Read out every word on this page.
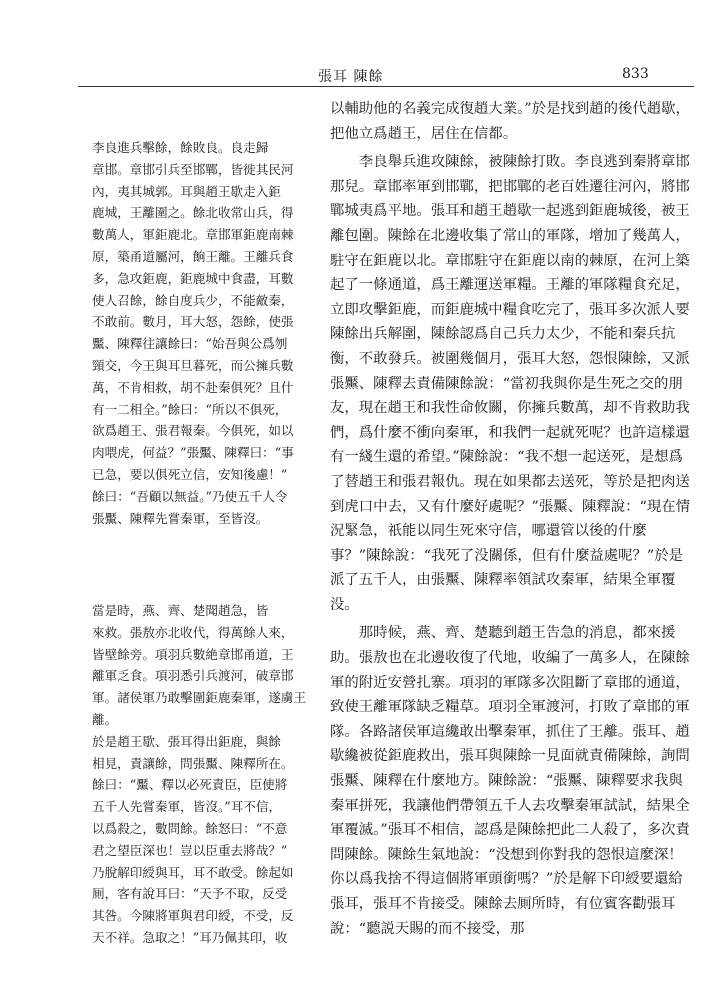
張耳 陳餘	833

李良進兵擊餘，餘敗良。良走歸
章邯。章邯引兵至邯鄲，皆徙其民河
內，夷其城郭。耳與趙王歇走入鉅
鹿城，王離圍之。餘北收常山兵，得
數萬人，軍鉅鹿北。章邯軍鉅鹿南棘
原，築甬道屬河，餉王離。王離兵食
多，急攻鉅鹿，鉅鹿城中食盡，耳數
使人召餘，餘自度兵少，不能敵秦，
不敢前。數月，耳大怒，怨餘，使張
黶、陳釋往讓餘曰：“始吾與公爲刎
頸交，今王與耳旦暮死，而公擁兵數
萬，不肯相救，胡不赴秦俱死？且什
有一二相全。”餘曰：“所以不俱死，
欲爲趙王、張君報秦。今俱死，如以
肉喂虎，何益？”張黶、陳釋曰：“事
已急，要以俱死立信，安知後慮！”
餘曰：“吾顧以無益。”乃使五千人令
張黶、陳釋先嘗秦軍，至皆沒。

當是時，燕、齊、楚聞趙急，皆
來救。張敖亦北收代，得萬餘人來，
皆壁餘旁。項羽兵數絶章邯甬道，王
離軍乏食。項羽悉引兵渡河，破章邯
軍。諸侯軍乃敢擊圍鉅鹿秦軍，遂虜王離。
於是趙王歇、張耳得出鉅鹿，與餘
相見，責讓餘，問張黶、陳釋所在。
餘曰：“黶、釋以必死責臣，臣使將
五千人先嘗秦軍，皆沒。”耳不信，
以爲殺之，數問餘。餘怒曰：“不意
君之望臣深也！豈以臣重去將哉？”
乃脫解印綬與耳，耳不敢受。餘起如
厠，客有說耳曰：“天予不取，反受
其咎。今陳將軍與君印綬，不受，反
天不祥。急取之！”耳乃佩其印，收

以輔助他的名義完成復趙大業。”於是找到趙的後代趙歇，把他立爲趙王，居住在信都。

　　李良舉兵進攻陳餘，被陳餘打敗。李良逃到秦將章邯那兒。章邯率軍到邯鄲，把邯鄲的老百姓遷往河內，將邯鄲城夷爲平地。張耳和趙王趙歇一起逃到鉅鹿城後，被王離包圍。陳餘在北邊收集了常山的軍隊，增加了幾萬人，駐守在鉅鹿以北。章邯駐守在鉅鹿以南的棘原，在河上築起了一條通道，爲王離運送軍糧。王離的軍隊糧食充足，立即攻擊鉅鹿，而鉅鹿城中糧食吃完了，張耳多次派人要陳餘出兵解圍，陳餘認爲自己兵力太少，不能和秦兵抗衡，不敢發兵。被圍幾個月，張耳大怒，怨恨陳餘，又派張黶、陳釋去責備陳餘說：“當初我與你是生死之交的朋友，現在趙王和我性命攸關，你擁兵數萬，却不肯救助我們，爲什麼不衝向秦軍，和我們一起就死呢？也許這樣還有一綫生還的希望。”陳餘說：“我不想一起送死，是想爲了替趙王和張君報仇。現在如果都去送死，等於是把肉送到虎口中去，又有什麼好處呢？”張黶、陳釋說：“現在情況緊急，祇能以同生死來守信，哪還管以後的什麼事？”陳餘說：“我死了没關係，但有什麼益處呢？”於是派了五千人，由張黶、陳釋率領試攻秦軍，結果全軍覆没。

　　那時候，燕、齊、楚聽到趙王告急的消息，都來援助。張敖也在北邊收復了代地，收編了一萬多人，在陳餘軍的附近安營扎寨。項羽的軍隊多次阻斷了章邯的通道，致使王離軍隊缺乏糧草。項羽全軍渡河，打敗了章邯的軍隊。各路諸侯軍這纔敢出擊秦軍，抓住了王離。張耳、趙歇纔被從鉅鹿救出，張耳與陳餘一見面就責備陳餘，詢問張黶、陳釋在什麼地方。陳餘說：“張黶、陳釋要求我與秦軍拼死，我讓他們帶領五千人去攻擊秦軍試試，結果全軍覆滅。”張耳不相信，認爲是陳餘把此二人殺了，多次責問陳餘。陳餘生氣地說：“没想到你對我的怨恨這麼深！你以爲我捨不得這個將軍頭銜嗎？”於是解下印綬要還給張耳，張耳不肯接受。陳餘去厠所時，有位賓客勸張耳說：“聽説天賜的而不接受，那
